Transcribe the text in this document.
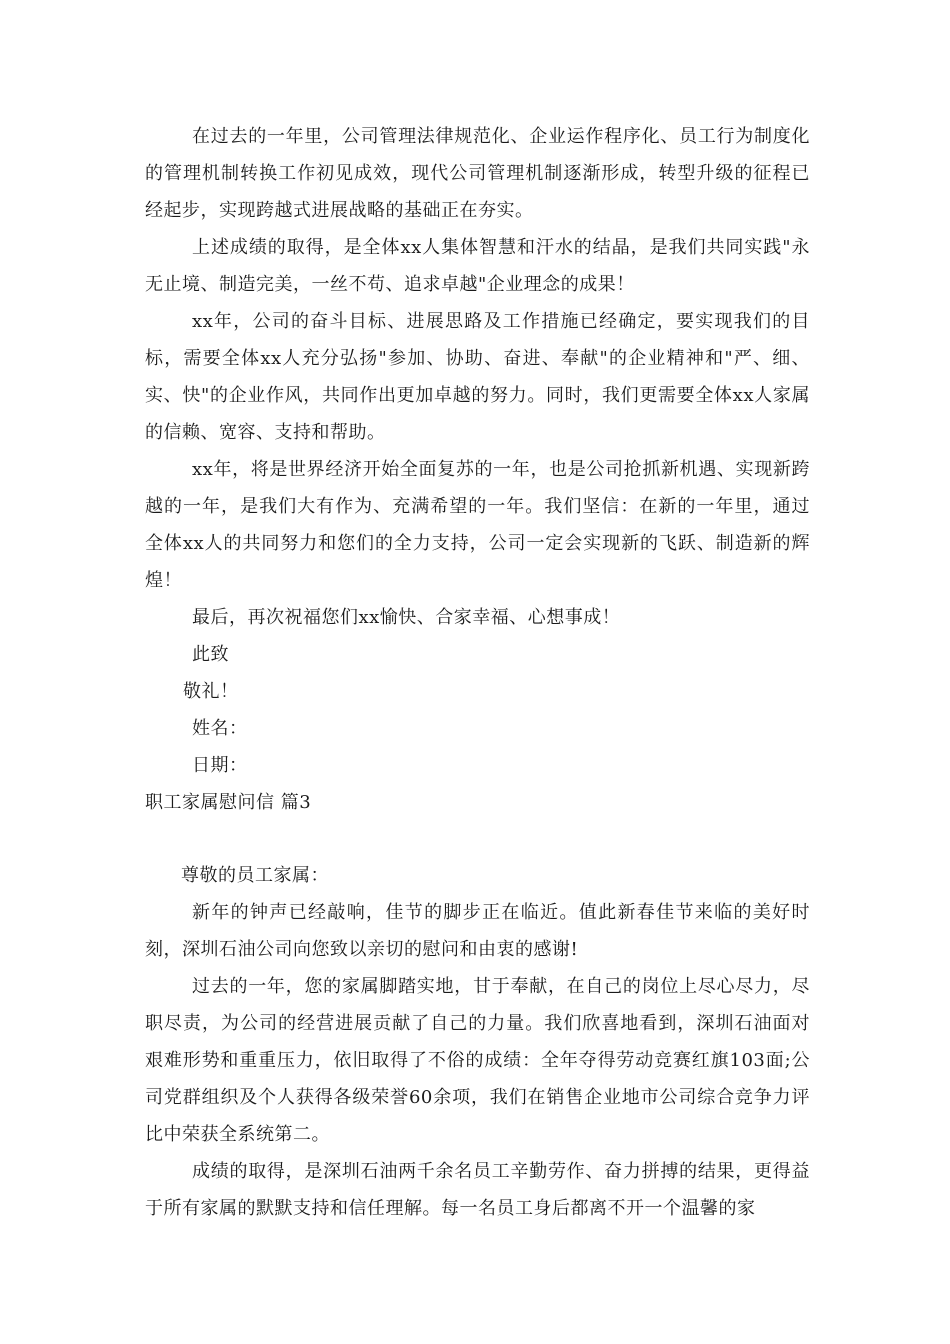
在过去的一年里，公司管理法律规范化、企业运作程序化、员工行为制度化的管理机制转换工作初见成效，现代公司管理机制逐渐形成，转型升级的征程已经起步，实现跨越式进展战略的基础正在夯实。

上述成绩的取得，是全体xx人集体智慧和汗水的结晶，是我们共同实践"永无止境、制造完美，一丝不苟、追求卓越"企业理念的成果！

xx年，公司的奋斗目标、进展思路及工作措施已经确定，要实现我们的目标，需要全体xx人充分弘扬"参加、协助、奋进、奉献"的企业精神和"严、细、实、快"的企业作风，共同作出更加卓越的努力。同时，我们更需要全体xx人家属的信赖、宽容、支持和帮助。

xx年，将是世界经济开始全面复苏的一年，也是公司抢抓新机遇、实现新跨越的一年，是我们大有作为、充满希望的一年。我们坚信：在新的一年里，通过全体xx人的共同努力和您们的全力支持，公司一定会实现新的飞跃、制造新的辉煌！

最后，再次祝福您们xx愉快、合家幸福、心想事成！

此致

敬礼！

姓名：

日期：

职工家属慰问信 篇3

尊敬的员工家属：

新年的钟声已经敲响，佳节的脚步正在临近。值此新春佳节来临的美好时刻，深圳石油公司向您致以亲切的慰问和由衷的感谢!

过去的一年，您的家属脚踏实地，甘于奉献，在自己的岗位上尽心尽力，尽职尽责，为公司的经营进展贡献了自己的力量。我们欣喜地看到，深圳石油面对艰难形势和重重压力，依旧取得了不俗的成绩：全年夺得劳动竞赛红旗103面;公司党群组织及个人获得各级荣誉60余项，我们在销售企业地市公司综合竞争力评比中荣获全系统第二。

成绩的取得，是深圳石油两千余名员工辛勤劳作、奋力拼搏的结果，更得益于所有家属的默默支持和信任理解。每一名员工身后都离不开一个温馨的家
